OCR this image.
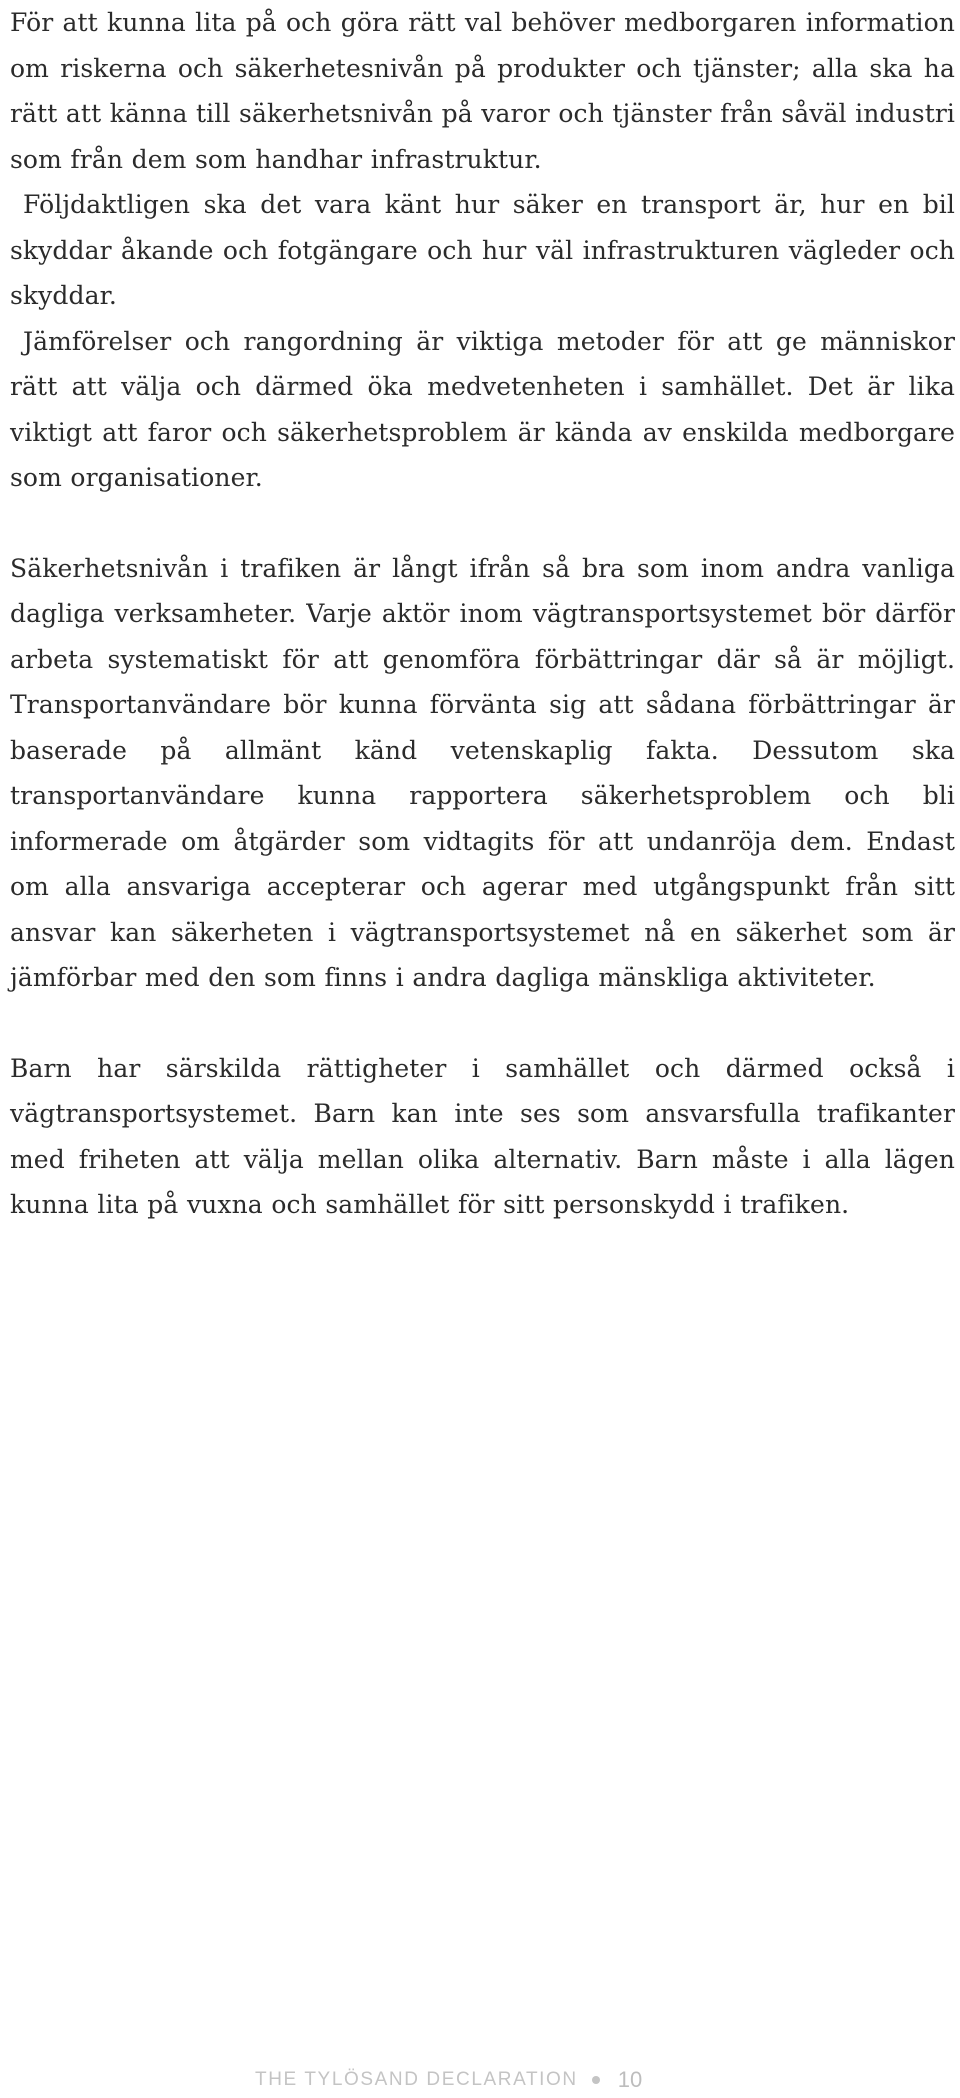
För att kunna lita på och göra rätt val behöver medborgaren information om riskerna och säkerhetesnivån på produkter och tjänster; alla ska ha rätt att känna till säkerhetsnivån på varor och tjänster från såväl industri som från dem som handhar infrastruktur.

Följdaktligen ska det vara känt hur säker en transport är, hur en bil skyddar åkande och fotgängare och hur väl infrastrukturen vägleder och skyddar.

Jämförelser och rangordning är viktiga metoder för att ge människor rätt att välja och därmed öka medvetenheten i samhället. Det är lika viktigt att faror och säkerhetsproblem är kända av enskilda medborgare som organisationer.

Säkerhetsnivån i trafiken är långt ifrån så bra som inom andra vanliga dagliga verksamheter. Varje aktör inom vägtransportsystemet bör därför arbeta systematiskt för att genomföra förbättringar där så är möjligt. Transportanvändare bör kunna förvänta sig att sådana förbättringar är baserade på allmänt känd vetenskaplig fakta. Dessutom ska transportanvändare kunna rapportera säkerhetsproblem och bli informerade om åtgärder som vidtagits för att undanröja dem. Endast om alla ansvariga accepterar och agerar med utgångspunkt från sitt ansvar kan säkerheten i vägtransportsystemet nå en säkerhet som är jämförbar med den som finns i andra dagliga mänskliga aktiviteter.

Barn har särskilda rättigheter i samhället och därmed också i vägtransportsystemet. Barn kan inte ses som ansvarsfulla trafikanter med friheten att välja mellan olika alternativ. Barn måste i alla lägen kunna lita på vuxna och samhället för sitt personskydd i trafiken.

THE TYLÖSAND DECLARATION 10
